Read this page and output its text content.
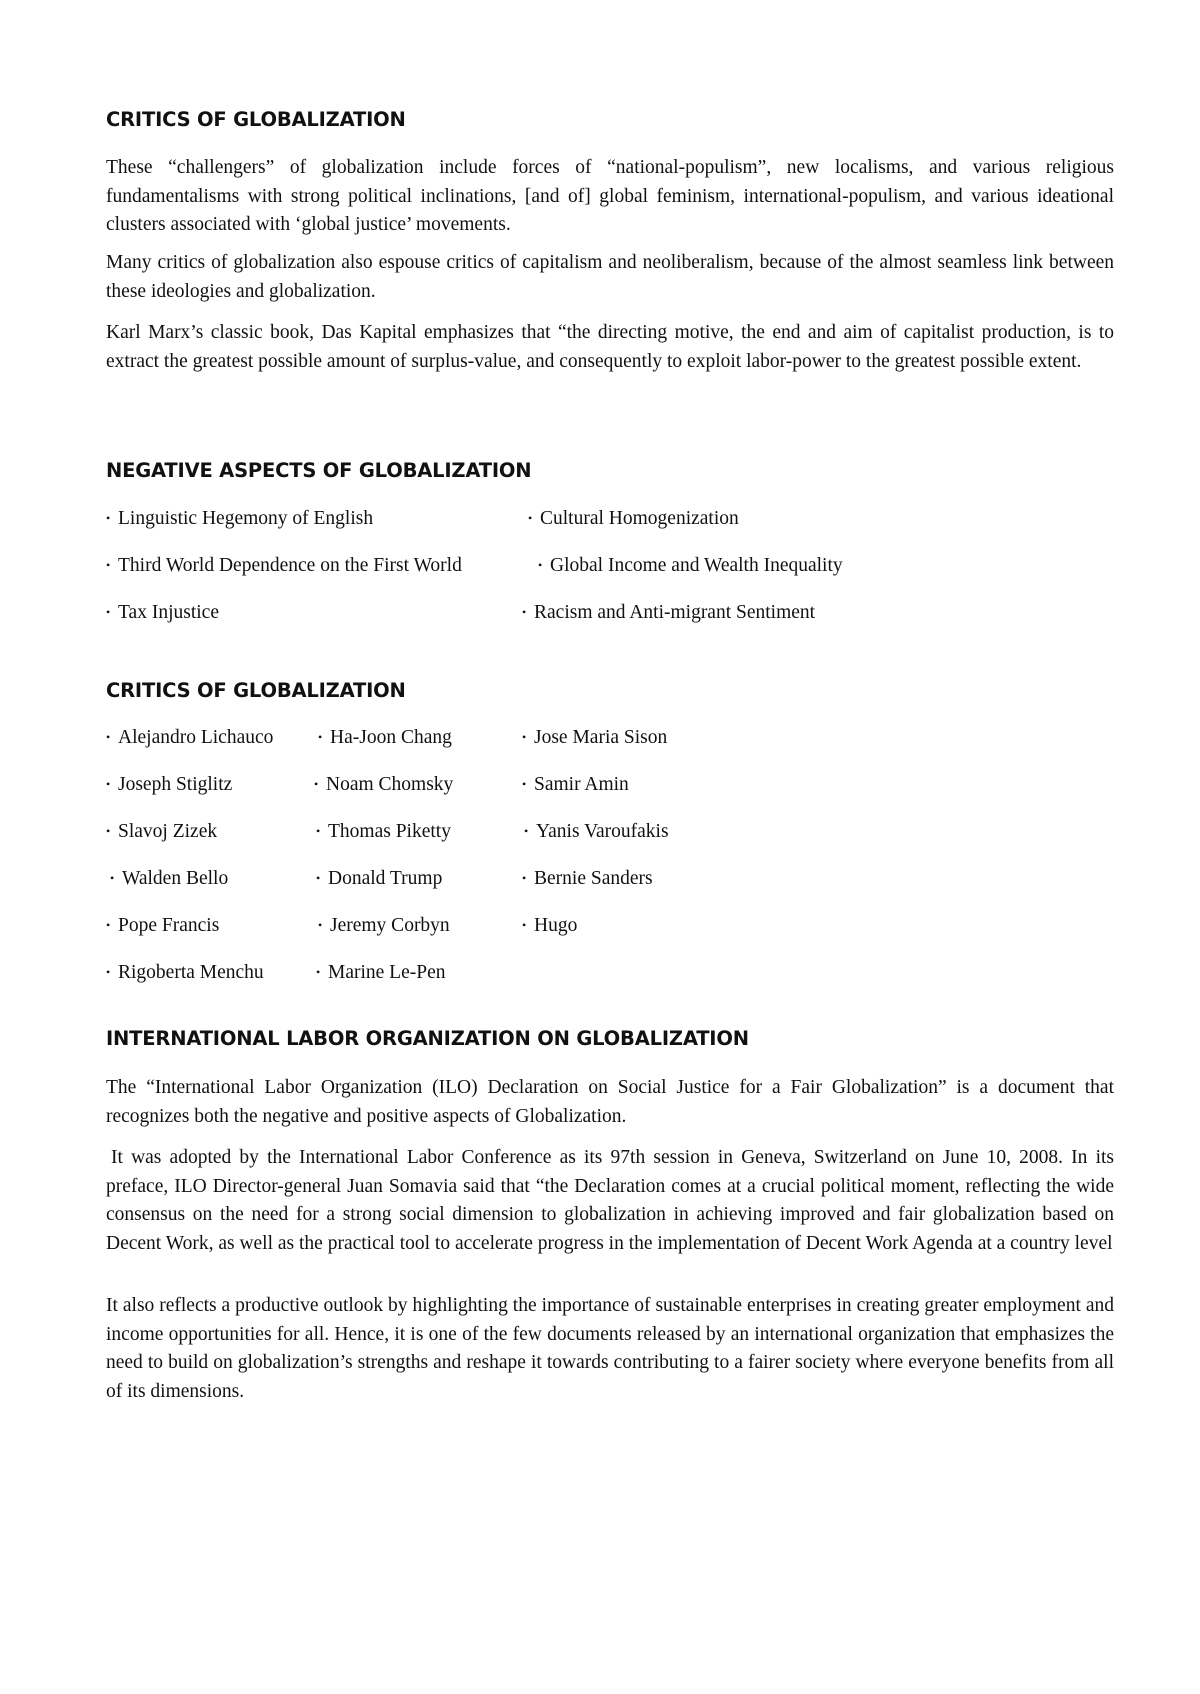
CRITICS OF GLOBALIZATION

These “challengers” of globalization include forces of “national-populism”, new localisms, and various religious fundamentalisms with strong political inclinations, [and of] global feminism, international-populism, and various ideational clusters associated with ‘global justice’ movements.

Many critics of globalization also espouse critics of capitalism and neoliberalism, because of the almost seamless link between these ideologies and globalization.

Karl Marx’s classic book, Das Kapital emphasizes that “the directing motive, the end and aim of capitalist production, is to extract the greatest possible amount of surplus-value, and consequently to exploit labor-power to the greatest possible extent.

NEGATIVE ASPECTS OF GLOBALIZATION
• Linguistic Hegemony of English	• Cultural Homogenization
• Third World Dependence on the First World	• Global Income and Wealth Inequality
• Tax Injustice	• Racism and Anti-migrant Sentiment
CRITICS OF GLOBALIZATION
• Alejandro Lichauco	• Ha-Joon Chang	• Jose Maria Sison
• Joseph Stiglitz	• Noam Chomsky	• Samir Amin
• Slavoj Zizek	• Thomas Piketty	• Yanis Varoufakis
• Walden Bello	• Donald Trump	• Bernie Sanders
• Pope Francis	• Jeremy Corbyn	• Hugo
• Rigoberta Menchu	• Marine Le-Pen
INTERNATIONAL LABOR ORGANIZATION ON GLOBALIZATION

The “International Labor Organization (ILO) Declaration on Social Justice for a Fair Globalization” is a document that recognizes both the negative and positive aspects of Globalization.

It was adopted by the International Labor Conference as its 97th session in Geneva, Switzerland on June 10, 2008. In its preface, ILO Director-general Juan Somavia said that “the Declaration comes at a crucial political moment, reflecting the wide consensus on the need for a strong social dimension to globalization in achieving improved and fair globalization based on Decent Work, as well as the practical tool to accelerate progress in the implementation of Decent Work Agenda at a country level

It also reflects a productive outlook by highlighting the importance of sustainable enterprises in creating greater employment and income opportunities for all. Hence, it is one of the few documents released by an international organization that emphasizes the need to build on globalization’s strengths and reshape it towards contributing to a fairer society where everyone benefits from all of its dimensions.
